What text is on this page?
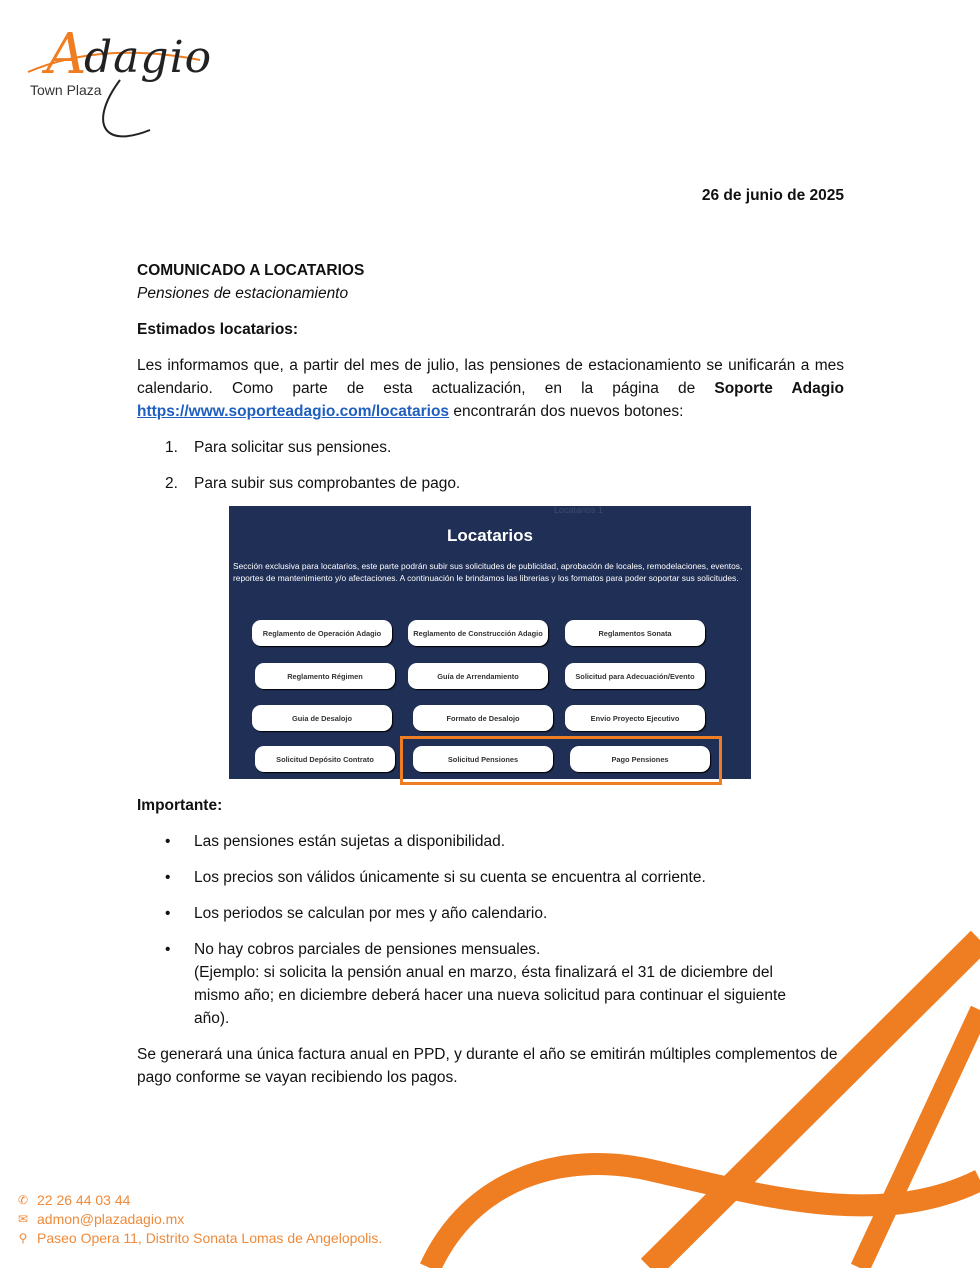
A
dagio
Town Plaza
26 de junio de 2025

COMUNICADO A LOCATARIOS

Pensiones de estacionamiento

Estimados locatarios:

Les informamos que, a partir del mes de julio, las pensiones de estacionamiento se unificarán a mes calendario. Como parte de esta actualización, en la página de Soporte Adagio https://www.soporteadagio.com/locatarios encontrarán dos nuevos botones:

1.	Para solicitar sus pensiones.
2.	Para subir sus comprobantes de pago.
Locatarios 1
Locatarios
Sección exclusiva para locatarios, este parte podrán subir sus solicitudes de publicidad, aprobación de locales, remodelaciones, eventos, reportes de mantenimiento y/o afectaciones. A continuación le brindamos las librerias y los formatos para poder soportar sus solicitudes.
Reglamento de Operación Adagio	Reglamento de Construcción Adagio	Reglamentos Sonata
Reglamento Régimen	Guía de Arrendamiento	Solicitud para Adecuación/Evento
Guia de Desalojo	Formato de Desalojo	Envio Proyecto Ejecutivo
Solicitud Depósito Contrato	Solicitud Pensiones	Pago Pensiones

Importante:

•	Las pensiones están sujetas a disponibilidad.
•	Los precios son válidos únicamente si su cuenta se encuentra al corriente.
•	Los periodos se calculan por mes y año calendario.
•	No hay cobros parciales de pensiones mensuales.
(Ejemplo: si solicita la pensión anual en marzo, ésta finalizará el 31 de diciembre del mismo año; en diciembre deberá hacer una nueva solicitud para continuar el siguiente año).

Se generará una única factura anual en PPD, y durante el año se emitirán múltiples complementos de pago conforme se vayan recibiendo los pagos.

✆ 22 26 44 03 44
✉ admon@plazadagio.mx
⚲ Paseo Opera 11, Distrito Sonata Lomas de Angelopolis.
